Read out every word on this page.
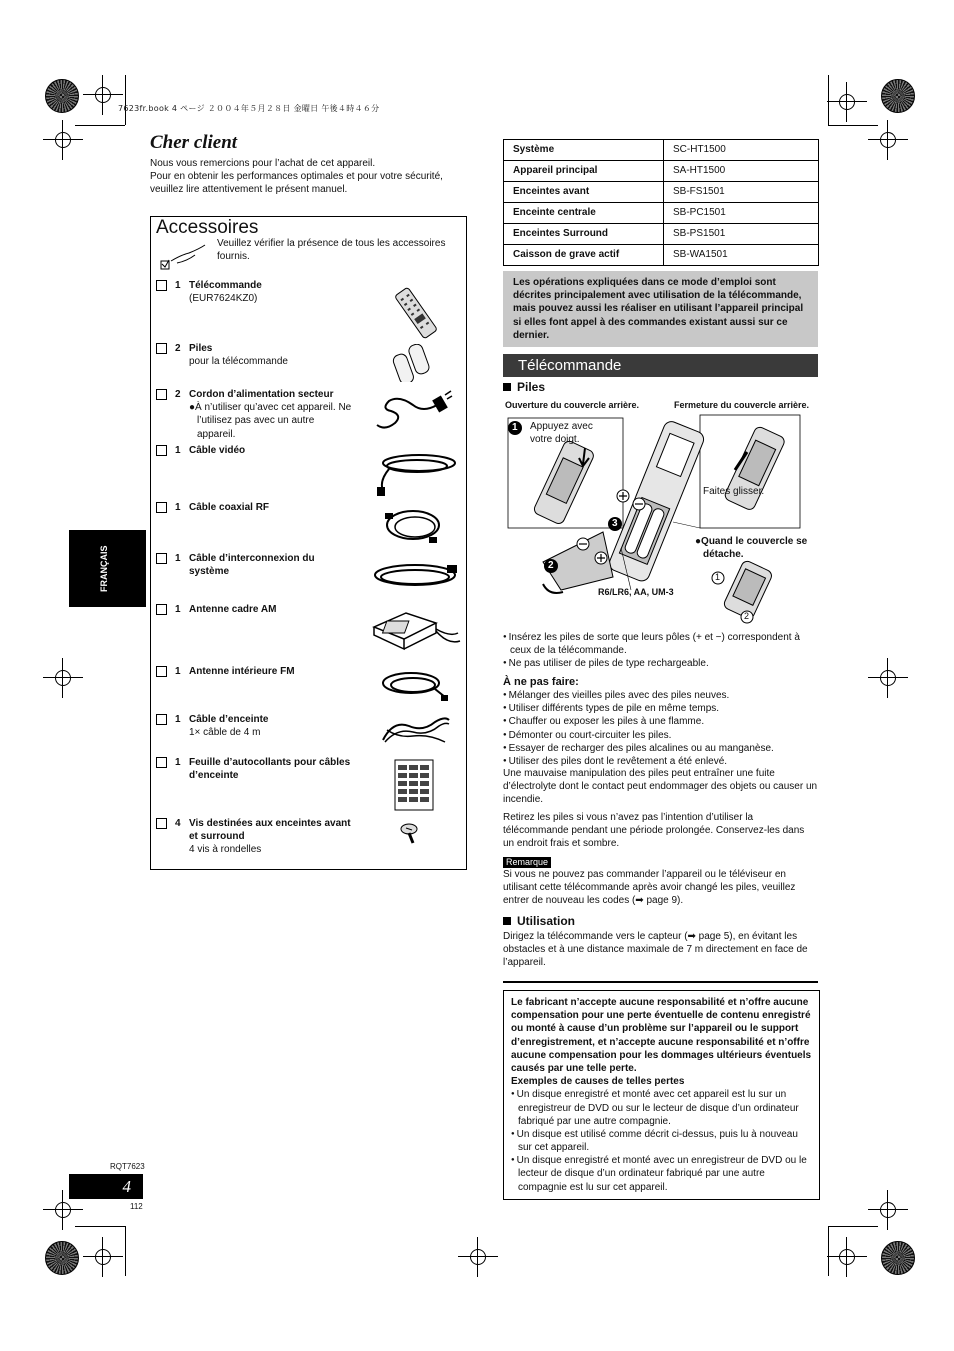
7623fr.book 4 ページ ２００４年５月２８日 金曜日 午後４時４６分
Cher client
Nous vous remercions pour l’achat de cet appareil.
Pour en obtenir les performances optimales et pour votre sécurité,
veuillez lire attentivement le présent manuel.
Accessoires
Veuillez vérifier la présence de tous les accessoires fournis.
1 Télécommande
(EUR7624KZ0)
2 Piles
pour la télécommande
2 Cordon d’alimentation secteur

●À n’utiliser qu’avec cet appareil. Ne l’utilisez pas avec un autre appareil.
1 Câble vidéo
1 Câble coaxial RF
1 Câble d’interconnexion du système
1 Antenne cadre AM
1 Antenne intérieure FM
1 Câble d’enceinte
1× câble de 4 m
1 Feuille d’autocollants pour câbles d’enceinte
4 Vis destinées aux enceintes avant et surround
4 vis à rondelles
FRANÇAIS
Système	SC-HT1500
Appareil principal	SA-HT1500
Enceintes avant	SB-FS1501
Enceinte centrale	SB-PC1501
Enceintes Surround	SB-PS1501
Caisson de grave actif	SB-WA1501
Les opérations expliquées dans ce mode d’emploi sont décrites principalement avec utilisation de la télécommande, mais pouvez aussi les réaliser en utilisant l’appareil principal si elles font appel à des commandes existant aussi sur ce dernier.
Télécommande
Piles
Ouverture du couvercle arrière.	Fermeture du couvercle arrière.
1
2
3
1
2
Appuyez avec votre doigt.
Faites glisser.
●Quand le couvercle se détache.
R6/LR6, AA, UM-3
● Insérez les piles de sorte que leurs pôles (+ et −) correspondent à ceux de la télécommande.
● Ne pas utiliser de piles de type rechargeable.
À ne pas faire:
● Mélanger des vieilles piles avec des piles neuves.
● Utiliser différents types de pile en même temps.
● Chauffer ou exposer les piles à une flamme.
● Démonter ou court-circuiter les piles.
● Essayer de recharger des piles alcalines ou au manganèse.
● Utiliser des piles dont le revêtement a été enlevé.
Une mauvaise manipulation des piles peut entraîner une fuite d’électrolyte dont le contact peut endommager des objets ou causer un incendie.
Retirez les piles si vous n’avez pas l’intention d’utiliser la télécommande pendant une période prolongée. Conservez-les dans un endroit frais et sombre.
Remarque
Si vous ne pouvez pas commander l’appareil ou le téléviseur en utilisant cette télécommande après avoir changé les piles, veuillez entrer de nouveau les codes (➡ page 9).
Utilisation
Dirigez la télécommande vers le capteur (➡ page 5), en évitant les obstacles et à une distance maximale de 7 m directement en face de l’appareil.
Le fabricant n’accepte aucune responsabilité et n’offre aucune compensation pour une perte éventuelle de contenu enregistré ou monté à cause d’un problème sur l’appareil ou le support d’enregistrement, et n’accepte aucune responsabilité et n’offre aucune compensation pour les dommages ultérieurs éventuels causés par une telle perte.
Exemples de causes de telles pertes
● Un disque enregistré et monté avec cet appareil est lu sur un enregistreur de DVD ou sur le lecteur de disque d’un ordinateur fabriqué par une autre compagnie.
● Un disque est utilisé comme décrit ci-dessus, puis lu à nouveau sur cet appareil.
● Un disque enregistré et monté avec un enregistreur de DVD ou le lecteur de disque d’un ordinateur fabriqué par une autre compagnie est lu sur cet appareil.
RQT7623
4
112
